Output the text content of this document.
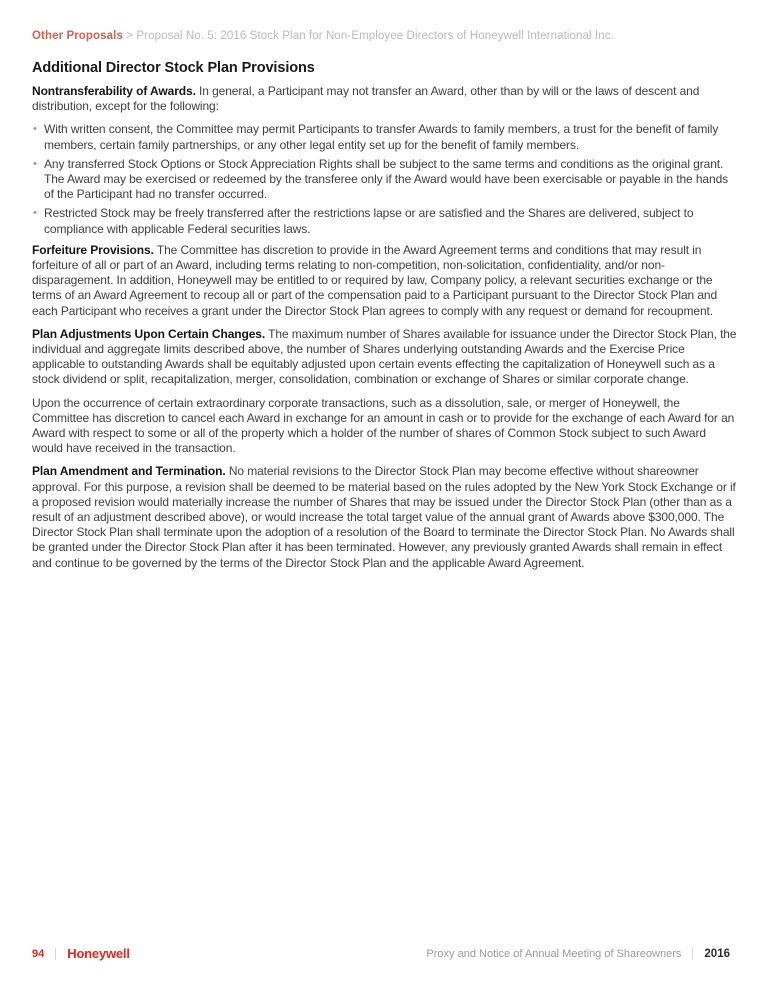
Other Proposals > Proposal No. 5: 2016 Stock Plan for Non-Employee Directors of Honeywell International Inc.
Additional Director Stock Plan Provisions

Nontransferability of Awards. In general, a Participant may not transfer an Award, other than by will or the laws of descent and distribution, except for the following:

• With written consent, the Committee may permit Participants to transfer Awards to family members, a trust for the benefit of family members, certain family partnerships, or any other legal entity set up for the benefit of family members.
• Any transferred Stock Options or Stock Appreciation Rights shall be subject to the same terms and conditions as the original grant. The Award may be exercised or redeemed by the transferee only if the Award would have been exercisable or payable in the hands of the Participant had no transfer occurred.
• Restricted Stock may be freely transferred after the restrictions lapse or are satisfied and the Shares are delivered, subject to compliance with applicable Federal securities laws.

Forfeiture Provisions. The Committee has discretion to provide in the Award Agreement terms and conditions that may result in forfeiture of all or part of an Award, including terms relating to non-competition, non-solicitation, confidentiality, and/or non-disparagement. In addition, Honeywell may be entitled to or required by law, Company policy, a relevant securities exchange or the terms of an Award Agreement to recoup all or part of the compensation paid to a Participant pursuant to the Director Stock Plan and each Participant who receives a grant under the Director Stock Plan agrees to comply with any request or demand for recoupment.

Plan Adjustments Upon Certain Changes. The maximum number of Shares available for issuance under the Director Stock Plan, the individual and aggregate limits described above, the number of Shares underlying outstanding Awards and the Exercise Price applicable to outstanding Awards shall be equitably adjusted upon certain events effecting the capitalization of Honeywell such as a stock dividend or split, recapitalization, merger, consolidation, combination or exchange of Shares or similar corporate change.

Upon the occurrence of certain extraordinary corporate transactions, such as a dissolution, sale, or merger of Honeywell, the Committee has discretion to cancel each Award in exchange for an amount in cash or to provide for the exchange of each Award for an Award with respect to some or all of the property which a holder of the number of shares of Common Stock subject to such Award would have received in the transaction.

Plan Amendment and Termination. No material revisions to the Director Stock Plan may become effective without shareowner approval. For this purpose, a revision shall be deemed to be material based on the rules adopted by the New York Stock Exchange or if a proposed revision would materially increase the number of Shares that may be issued under the Director Stock Plan (other than as a result of an adjustment described above), or would increase the total target value of the annual grant of Awards above $300,000. The Director Stock Plan shall terminate upon the adoption of a resolution of the Board to terminate the Director Stock Plan. No Awards shall be granted under the Director Stock Plan after it has been terminated. However, any previously granted Awards shall remain in effect and continue to be governed by the terms of the Director Stock Plan and the applicable Award Agreement.

94 Honeywell	Proxy and Notice of Annual Meeting of Shareowners 2016
